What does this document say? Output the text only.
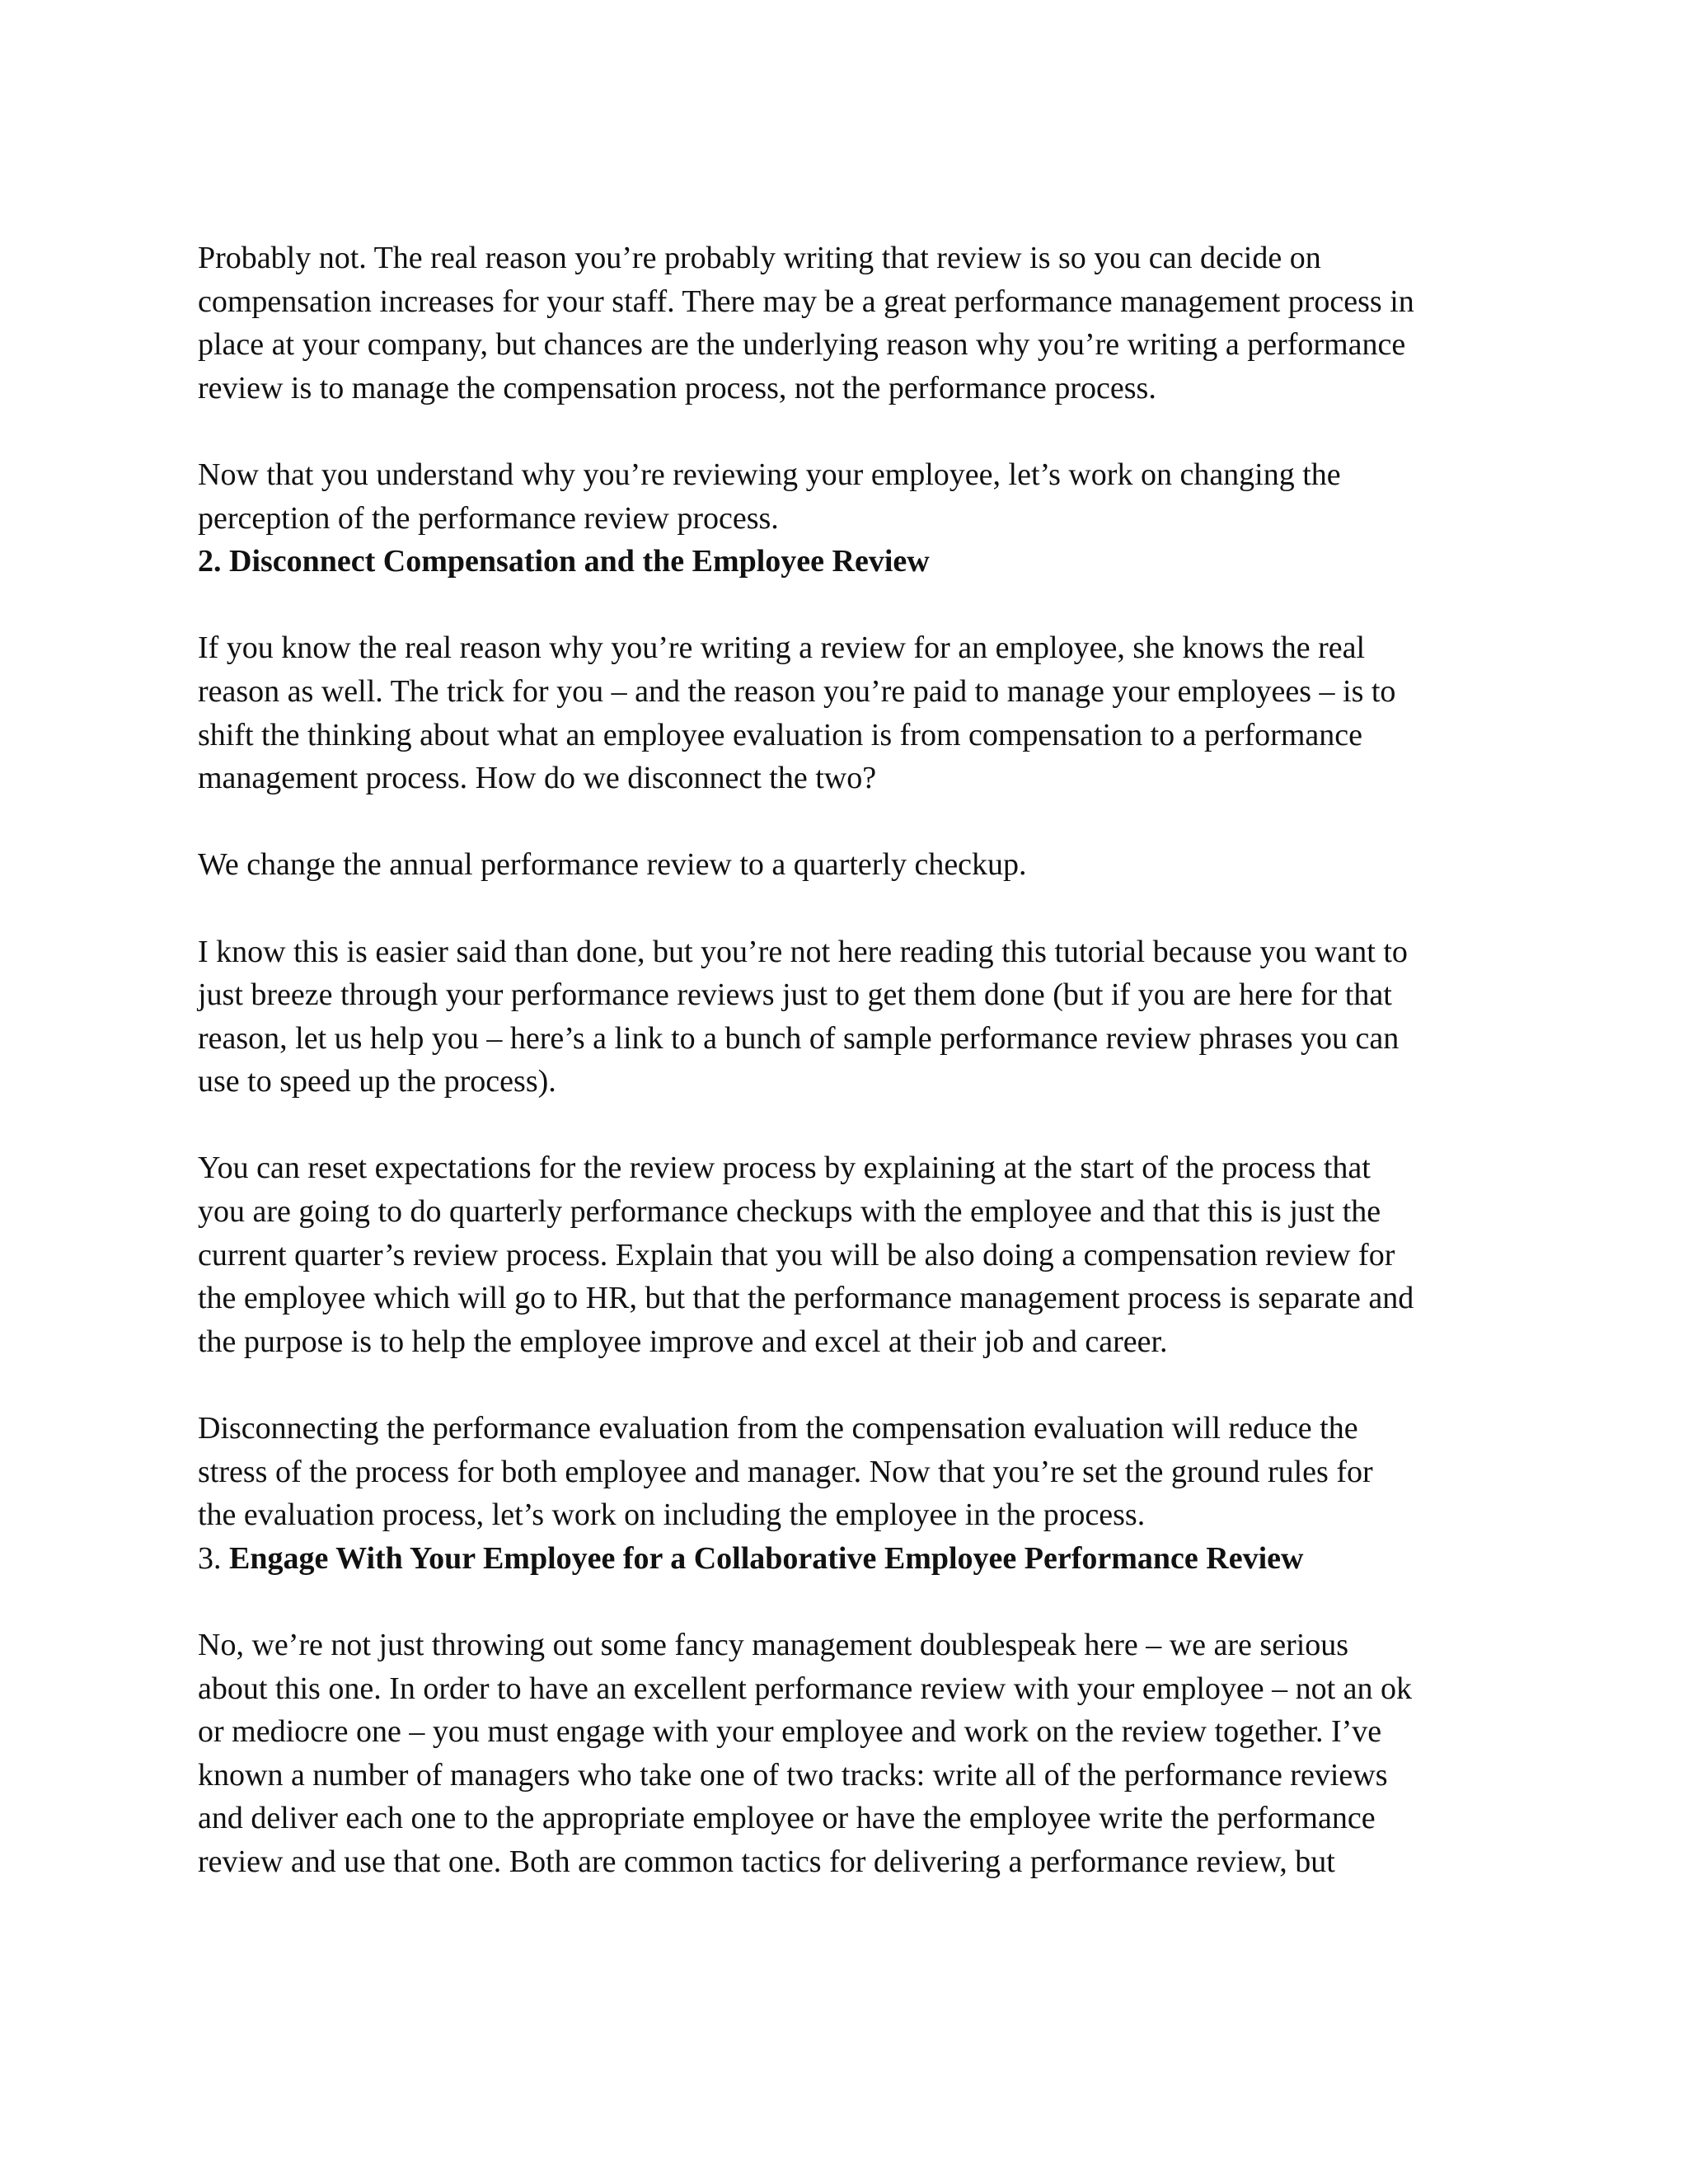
Probably not. The real reason you’re probably writing that review is so you can decide on
compensation increases for your staff. There may be a great performance management process in
place at your company, but chances are the underlying reason why you’re writing a performance
review is to manage the compensation process, not the performance process.
Now that you understand why you’re reviewing your employee, let’s work on changing the
perception of the performance review process.
2. Disconnect Compensation and the Employee Review
If you know the real reason why you’re writing a review for an employee, she knows the real
reason as well. The trick for you – and the reason you’re paid to manage your employees – is to
shift the thinking about what an employee evaluation is from compensation to a performance
management process. How do we disconnect the two?
We change the annual performance review to a quarterly checkup.
I know this is easier said than done, but you’re not here reading this tutorial because you want to
just breeze through your performance reviews just to get them done (but if you are here for that
reason, let us help you – here’s a link to a bunch of sample performance review phrases you can
use to speed up the process).
You can reset expectations for the review process by explaining at the start of the process that
you are going to do quarterly performance checkups with the employee and that this is just the
current quarter’s review process. Explain that you will be also doing a compensation review for
the employee which will go to HR, but that the performance management process is separate and
the purpose is to help the employee improve and excel at their job and career.
Disconnecting the performance evaluation from the compensation evaluation will reduce the
stress of the process for both employee and manager. Now that you’re set the ground rules for
the evaluation process, let’s work on including the employee in the process.
3. Engage With Your Employee for a Collaborative Employee Performance Review
No, we’re not just throwing out some fancy management doublespeak here – we are serious
about this one. In order to have an excellent performance review with your employee – not an ok
or mediocre one – you must engage with your employee and work on the review together. I’ve
known a number of managers who take one of two tracks: write all of the performance reviews
and deliver each one to the appropriate employee or have the employee write the performance
review and use that one. Both are common tactics for delivering a performance review, but
